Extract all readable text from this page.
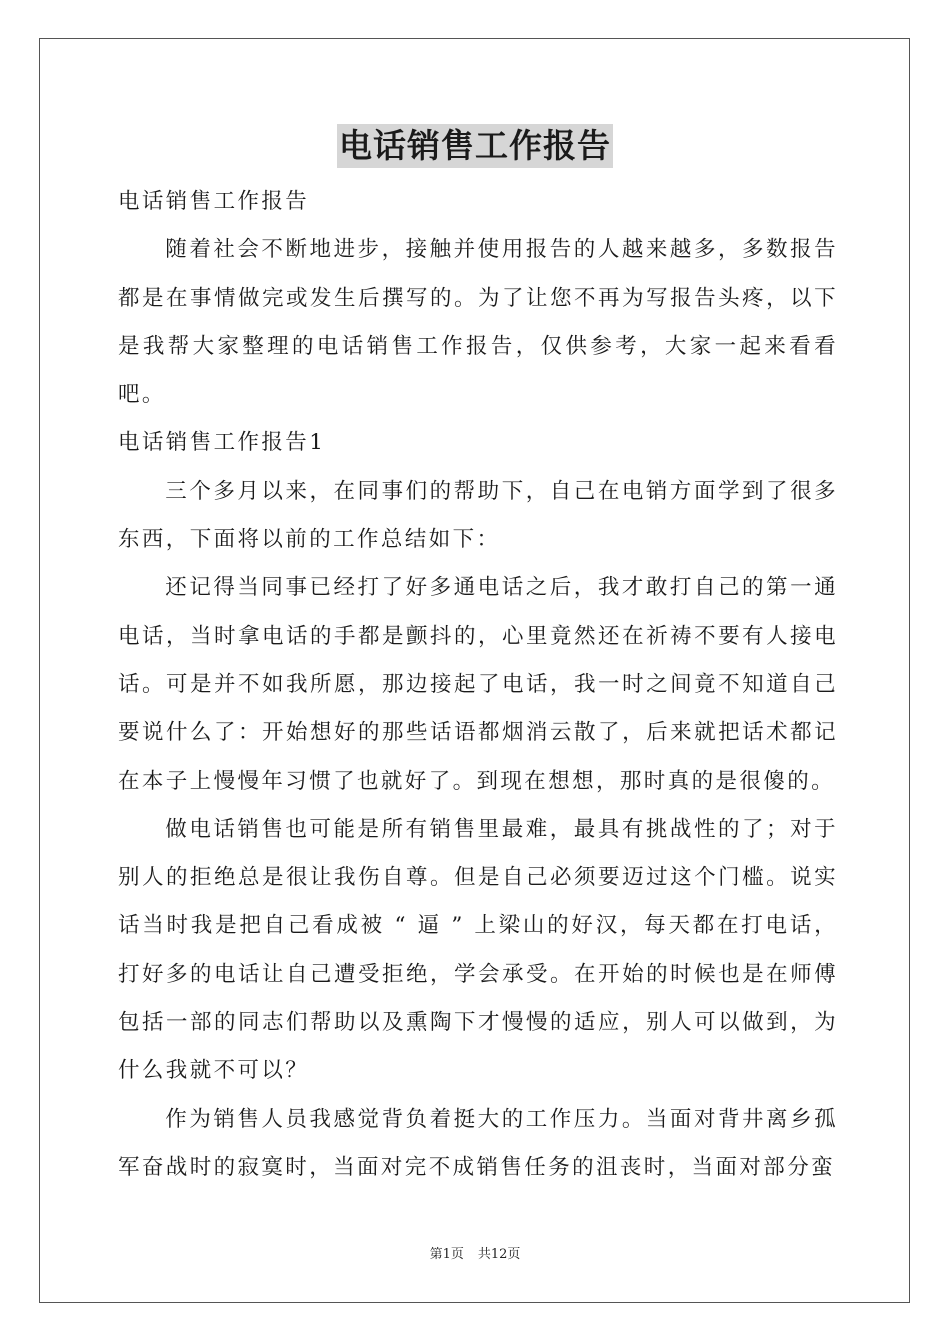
电话销售工作报告

电话销售工作报告

随着社会不断地进步，接触并使用报告的人越来越多，多数报告都是在事情做完或发生后撰写的。为了让您不再为写报告头疼，以下是我帮大家整理的电话销售工作报告，仅供参考，大家一起来看看吧。

电话销售工作报告1

三个多月以来，在同事们的帮助下，自己在电销方面学到了很多东西，下面将以前的工作总结如下：

还记得当同事已经打了好多通电话之后，我才敢打自己的第一通电话，当时拿电话的手都是颤抖的，心里竟然还在祈祷不要有人接电话。可是并不如我所愿，那边接起了电话，我一时之间竟不知道自己要说什么了：开始想好的那些话语都烟消云散了，后来就把话术都记在本子上慢慢年习惯了也就好了。到现在想想，那时真的是很傻的。

做电话销售也可能是所有销售里最难，最具有挑战性的了；对于别人的拒绝总是很让我伤自尊。但是自己必须要迈过这个门槛。说实话当时我是把自己看成被 “ 逼 ” 上梁山的好汉，每天都在打电话，打好多的电话让自己遭受拒绝，学会承受。在开始的时候也是在师傅包括一部的同志们帮助以及熏陶下才慢慢的适应，别人可以做到，为什么我就不可以？

作为销售人员我感觉背负着挺大的工作压力。当面对背井离乡孤军奋战时的寂寞时，当面对完不成销售任务的沮丧时，当面对部分蛮

第1页 共12页
